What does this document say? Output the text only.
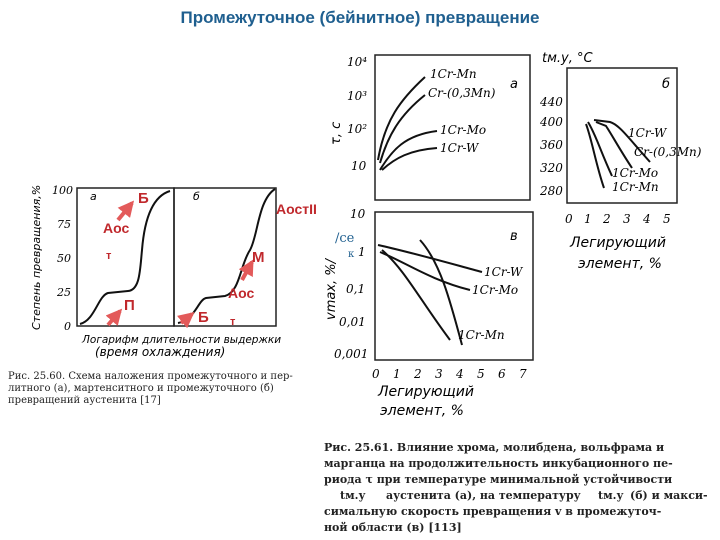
Промежуточное (бейнитное) превращение
Степень превращения,% 100
75
50
25
0
а	б
Логарифм длительности выдержки
(время охлаждения)
Б
Аос
т
П
АостII
М
Аос
т
Б
Рис. 25.60. Схема наложения промежуточного и пер-
литного (а), мартенситного и промежуточного (б)
превращений аустенита [17]
τ, с
10⁴
10³
10²
10
а
1Cr-Mn
Cr-(0,3Mn)
1Cr-Mo
1Cr-W
tм.у, °С
440
400
360
320
280
б
1Cr-W
Cr-(0,3Mn)
1Cr-Mo
1Cr-Mn
0 1 2 3 4 5
Легирующий
элемент, %
vmax, %/
/се
к
10
1
0,1
0,01
0,001
в
1Cr-W
1Cr-Mo
1Cr-Mn
0 1 2 3 4 5 6 7
Легирующий
элемент, %
Рис. 25.61. Влияние хрома, молибдена, вольфрама и
марганца на продолжительность инкубационного пе-
риода τ при температуре минимальной устойчивости
tм.у аустенита (а), на температуру tм.у (б) и макси-
симальную скорость превращения v в промежуточ-
ной области (в) [113]
